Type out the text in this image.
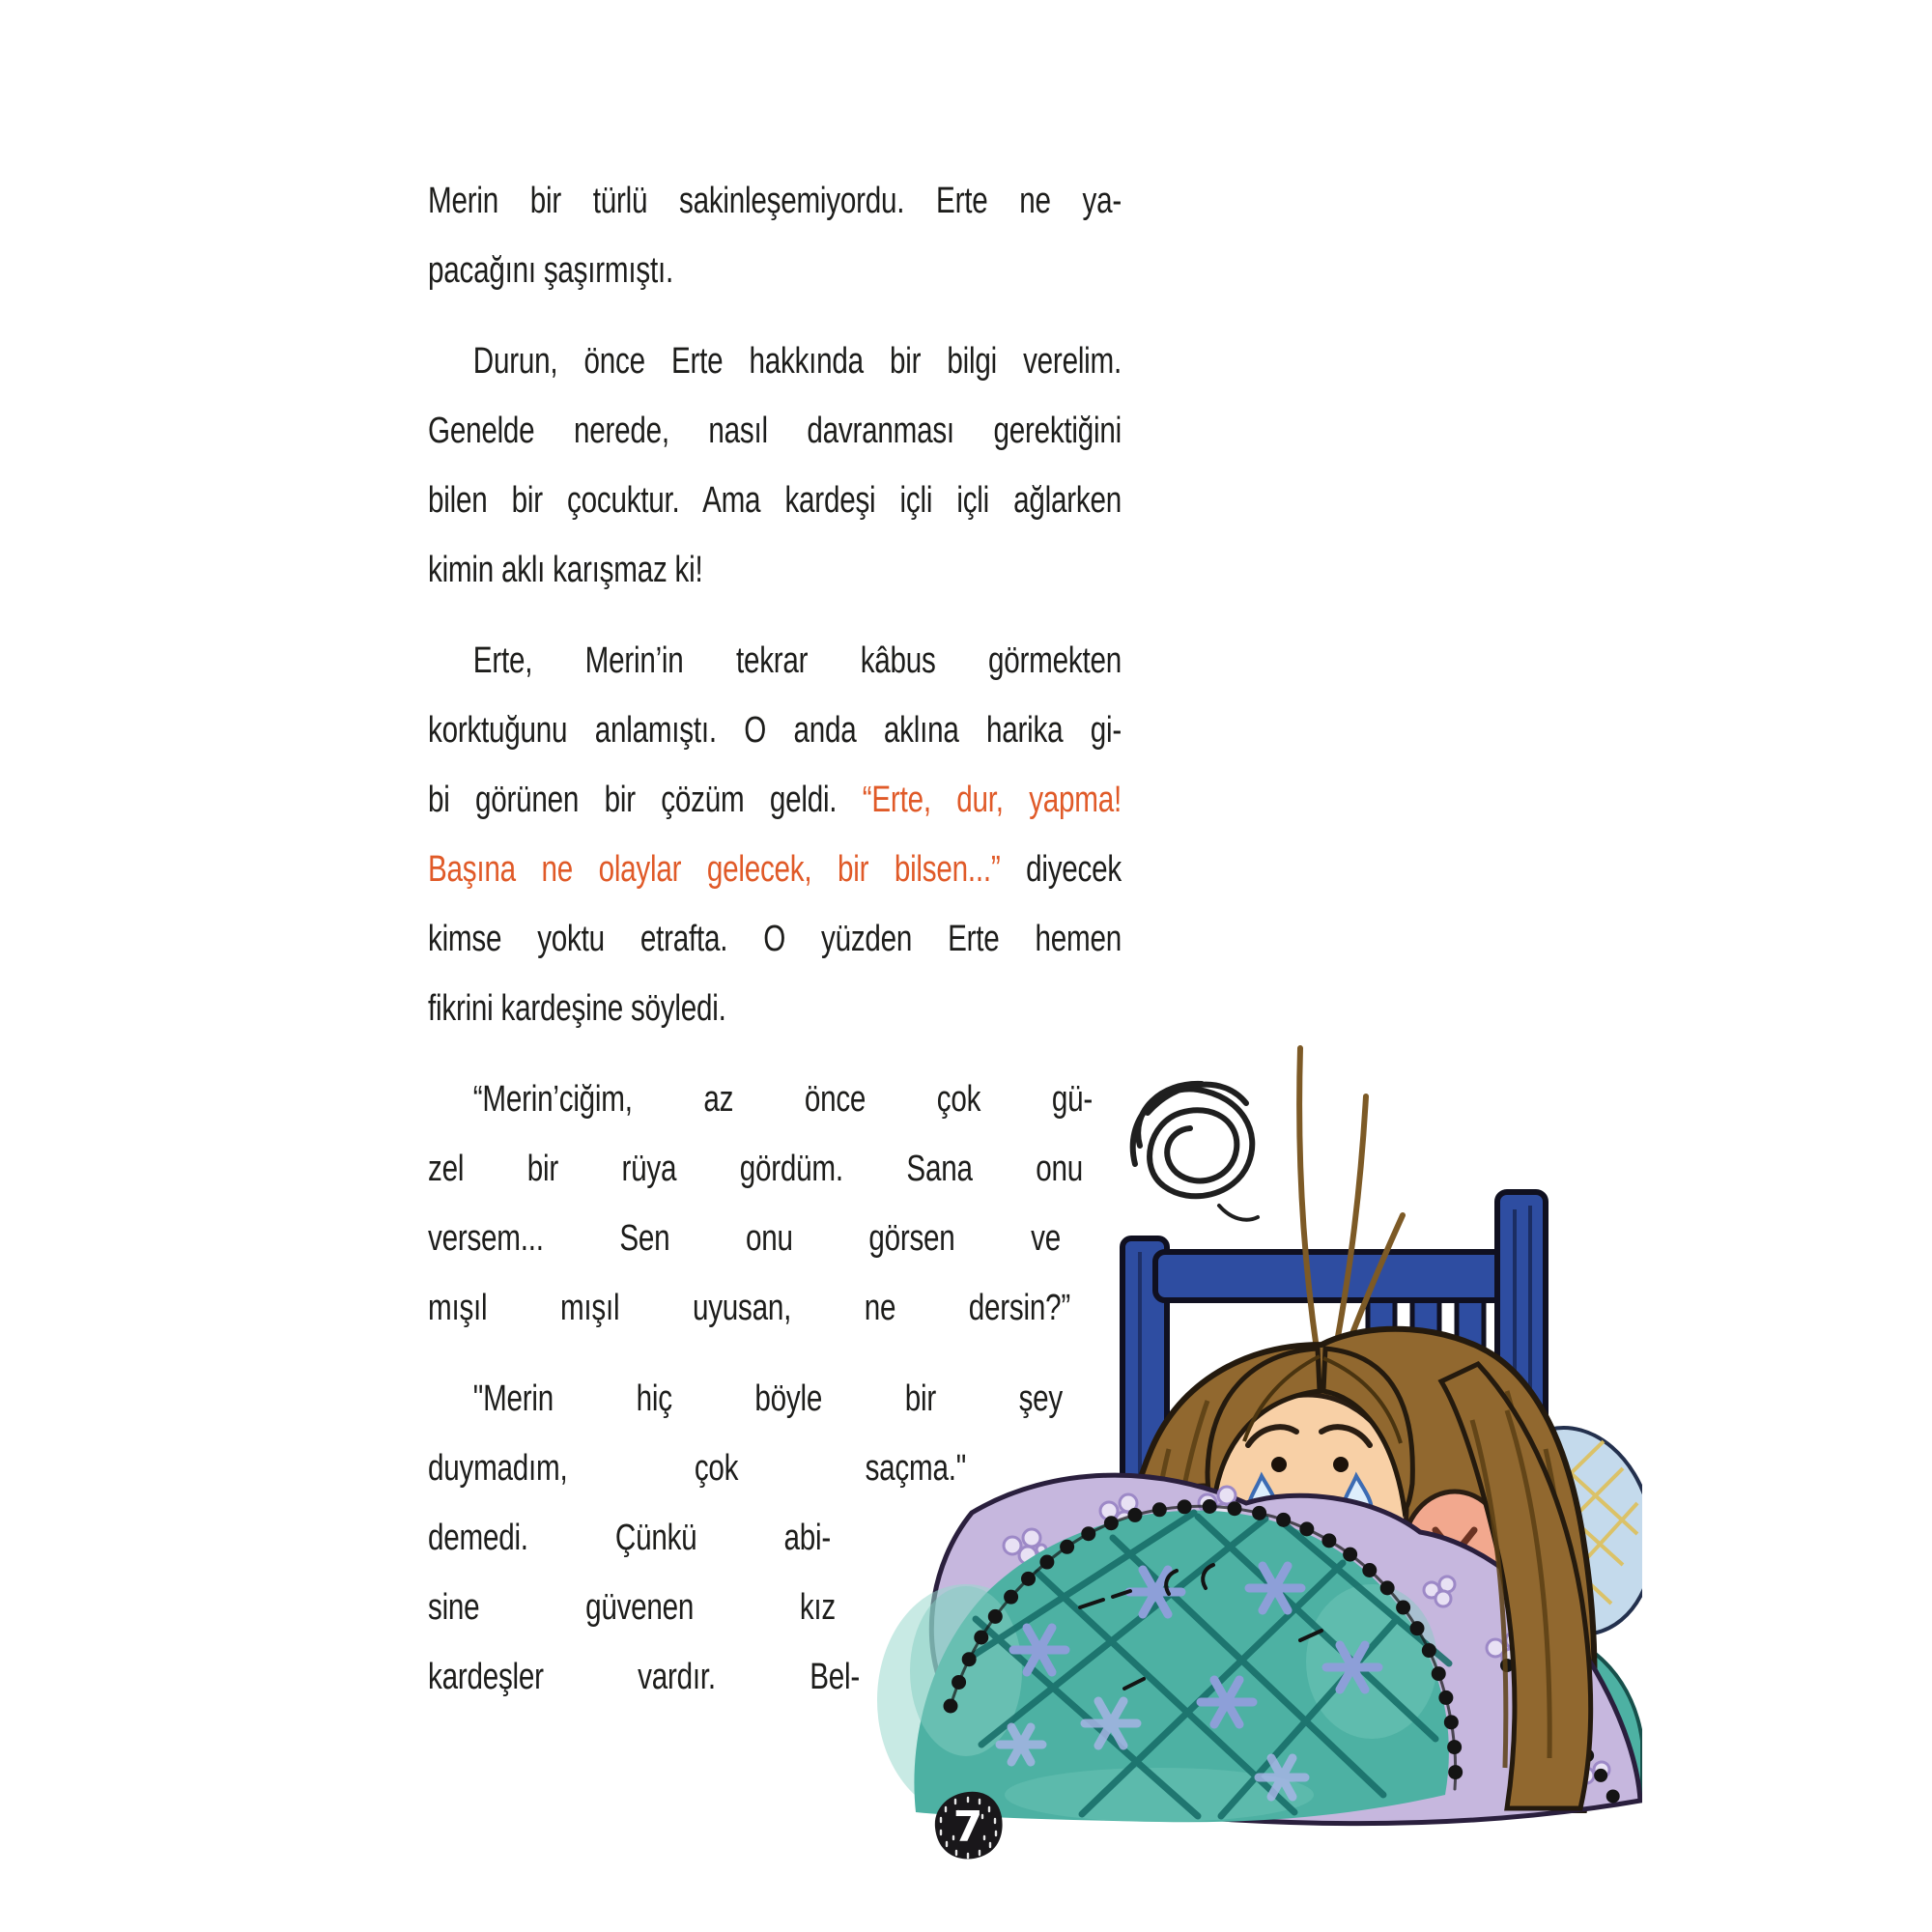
Merin bir türlü sakinleşemiyordu. Erte ne ya-
pacağını şaşırmıştı.
Durun, önce Erte hakkında bir bilgi verelim.
Genelde nerede, nasıl davranması gerektiğini
bilen bir çocuktur. Ama kardeşi içli içli ağlarken
kimin aklı karışmaz ki!
Erte, Merin’in tekrar kâbus görmekten
korktuğunu anlamıştı. O anda aklına harika gi-
bi görünen bir çözüm geldi. “Erte, dur, yapma!
Başına ne olaylar gelecek, bir bilsen...” diyecek
kimse yoktu etrafta. O yüzden Erte hemen
fikrini kardeşine söyledi.
“Merin’ciğim, az önce çok gü-
zel bir rüya gördüm. Sana onu
versem... Sen onu görsen ve
mışıl mışıl uyusan, ne dersin?”
"Merin hiç böyle bir şey
duymadım, çok saçma."
demedi. Çünkü abi-
sine güvenen kız
kardeşler vardır. Bel-
7
